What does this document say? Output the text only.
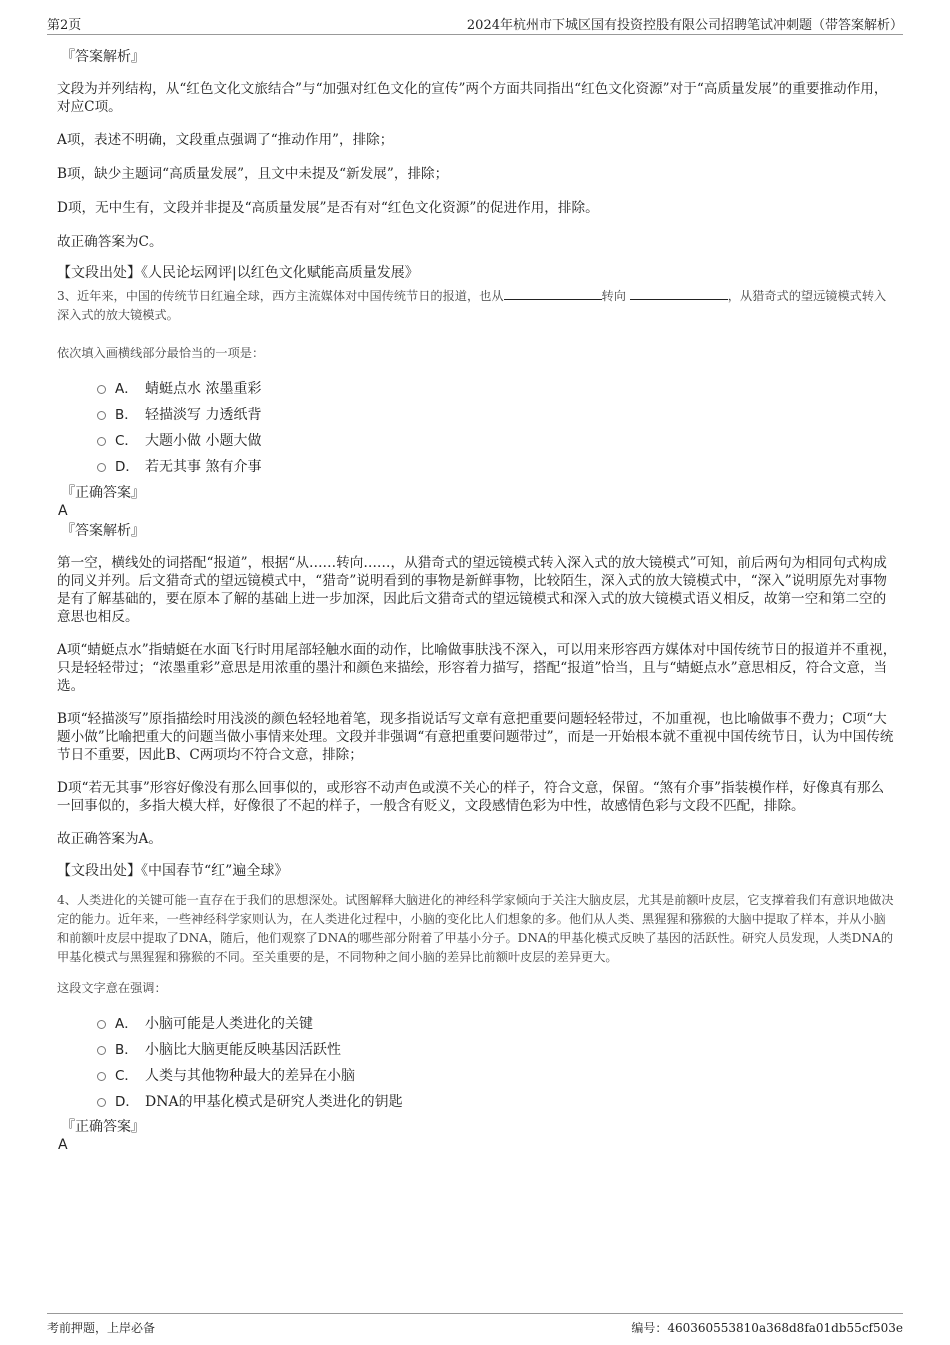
第2页	2024年杭州市下城区国有投资控股有限公司招聘笔试冲刺题（带答案解析）

『答案解析』

文段为并列结构，从“红色文化文旅结合”与“加强对红色文化的宣传”两个方面共同指出“红色文化资源”对于“高质量发展”的重要推动作用，对应C项。

A项，表述不明确，文段重点强调了“推动作用”，排除；

B项，缺少主题词“高质量发展”，且文中未提及“新发展”，排除；

D项，无中生有，文段并非提及“高质量发展”是否有对“红色文化资源”的促进作用，排除。

故正确答案为C。

【文段出处】《人民论坛网评|以红色文化赋能高质量发展》

3、近年来，中国的传统节日红遍全球，西方主流媒体对中国传统节日的报道，也从	转向	，从猎奇式的望远镜模式转入深入式的放大镜模式。

依次填入画横线部分最恰当的一项是：

A． 蜻蜓点水 浓墨重彩
B． 轻描淡写 力透纸背
C． 大题小做 小题大做
D． 若无其事 煞有介事

『正确答案』

A

『答案解析』

第一空，横线处的词搭配“报道”，根据“从……转向……，从猎奇式的望远镜模式转入深入式的放大镜模式”可知，前后两句为相同句式构成的同义并列。后文猎奇式的望远镜模式中，“猎奇”说明看到的事物是新鲜事物，比较陌生，深入式的放大镜模式中，“深入”说明原先对事物是有了解基础的，要在原本了解的基础上进一步加深，因此后文猎奇式的望远镜模式和深入式的放大镜模式语义相反，故第一空和第二空的意思也相反。

A项“蜻蜓点水”指蜻蜓在水面飞行时用尾部轻触水面的动作，比喻做事肤浅不深入，可以用来形容西方媒体对中国传统节日的报道并不重视，只是轻轻带过；“浓墨重彩”意思是用浓重的墨汁和颜色来描绘，形容着力描写，搭配“报道”恰当，且与“蜻蜓点水”意思相反，符合文意，当选。

B项“轻描淡写”原指描绘时用浅淡的颜色轻轻地着笔，现多指说话写文章有意把重要问题轻轻带过，不加重视，也比喻做事不费力；C项“大题小做”比喻把重大的问题当做小事情来处理。文段并非强调“有意把重要问题带过”，而是一开始根本就不重视中国传统节日，认为中国传统节日不重要，因此B、C两项均不符合文意，排除；

D项“若无其事”形容好像没有那么回事似的，或形容不动声色或漠不关心的样子，符合文意，保留。“煞有介事”指装模作样，好像真有那么一回事似的，多指大模大样，好像很了不起的样子，一般含有贬义，文段感情色彩为中性，故感情色彩与文段不匹配，排除。

故正确答案为A。

【文段出处】《中国春节“红”遍全球》

4、人类进化的关键可能一直存在于我们的思想深处。试图解释大脑进化的神经科学家倾向于关注大脑皮层，尤其是前额叶皮层，它支撑着我们有意识地做决定的能力。近年来，一些神经科学家则认为，在人类进化过程中，小脑的变化比人们想象的多。他们从人类、黑猩猩和猕猴的大脑中提取了样本，并从小脑和前额叶皮层中提取了DNA，随后，他们观察了DNA的哪些部分附着了甲基小分子。DNA的甲基化模式反映了基因的活跃性。研究人员发现，人类DNA的甲基化模式与黑猩猩和猕猴的不同。至关重要的是，不同物种之间小脑的差异比前额叶皮层的差异更大。

这段文字意在强调：

A． 小脑可能是人类进化的关键
B． 小脑比大脑更能反映基因活跃性
C． 人类与其他物种最大的差异在小脑
D． DNA的甲基化模式是研究人类进化的钥匙

『正确答案』

A

考前押题，上岸必备	编号：460360553810a368d8fa01db55cf503e
